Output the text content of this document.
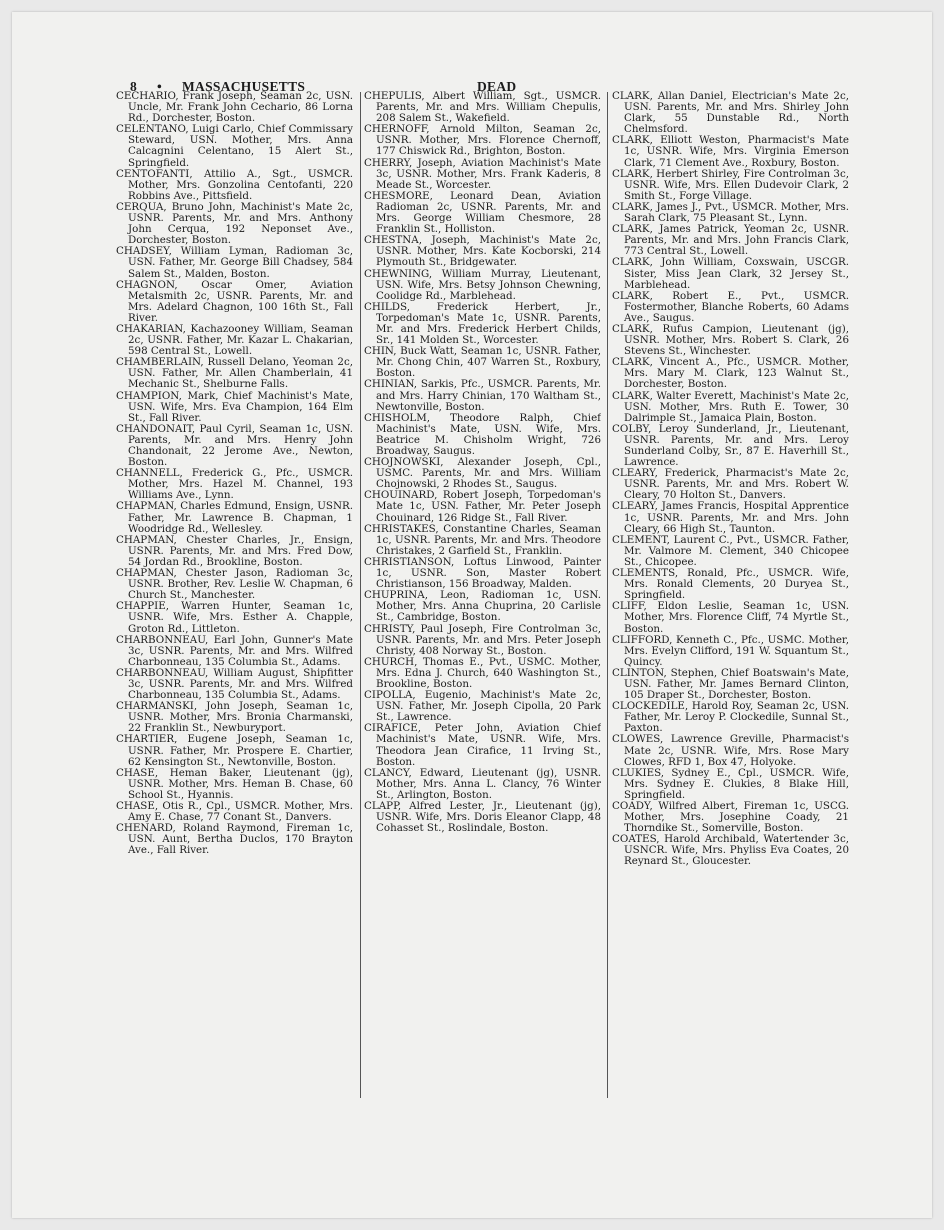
8 • MASSACHUSETTS	DEAD

CECHARIO, Frank Joseph, Seaman 2c, USN. Uncle, Mr. Frank John Cechario, 86 Lorna Rd., Dorchester, Boston.

CELENTANO, Luigi Carlo, Chief Commissary Steward, USN. Mother, Mrs. Anna Calcagnini Celentano, 15 Alert St., Springfield.

CENTOFANTI, Attilio A., Sgt., USMCR. Mother, Mrs. Gonzolina Centofanti, 220 Robbins Ave., Pittsfield.

CERQUA, Bruno John, Machinist's Mate 2c, USNR. Parents, Mr. and Mrs. Anthony John Cerqua, 192 Neponset Ave., Dorchester, Boston.

CHADSEY, William Lyman, Radioman 3c, USN. Father, Mr. George Bill Chadsey, 584 Salem St., Malden, Boston.

CHAGNON, Oscar Omer, Aviation Metalsmith 2c, USNR. Parents, Mr. and Mrs. Adelard Chagnon, 100 16th St., Fall River.

CHAKARIAN, Kachazooney William, Seaman 2c, USNR. Father, Mr. Kazar L. Chakarian, 598 Central St., Lowell.

CHAMBERLAIN, Russell Delano, Yeoman 2c, USN. Father, Mr. Allen Chamberlain, 41 Mechanic St., Shelburne Falls.

CHAMPION, Mark, Chief Machinist's Mate, USN. Wife, Mrs. Eva Champion, 164 Elm St., Fall River.

CHANDONAIT, Paul Cyril, Seaman 1c, USN. Parents, Mr. and Mrs. Henry John Chandonait, 22 Jerome Ave., Newton, Boston.

CHANNELL, Frederick G., Pfc., USMCR. Mother, Mrs. Hazel M. Channel, 193 Williams Ave., Lynn.

CHAPMAN, Charles Edmund, Ensign, USNR. Father, Mr. Lawrence B. Chapman, 1 Woodridge Rd., Wellesley.

CHAPMAN, Chester Charles, Jr., Ensign, USNR. Parents, Mr. and Mrs. Fred Dow, 54 Jordan Rd., Brookline, Boston.

CHAPMAN, Chester Jason, Radioman 3c, USNR. Brother, Rev. Leslie W. Chapman, 6 Church St., Manchester.

CHAPPIE, Warren Hunter, Seaman 1c, USNR. Wife, Mrs. Esther A. Chapple, Groton Rd., Littleton.

CHARBONNEAU, Earl John, Gunner's Mate 3c, USNR. Parents, Mr. and Mrs. Wilfred Charbonneau, 135 Columbia St., Adams.

CHARBONNEAU, William August, Shipfitter 3c, USNR. Parents, Mr. and Mrs. Wilfred Charbonneau, 135 Columbia St., Adams.

CHARMANSKI, John Joseph, Seaman 1c, USNR. Mother, Mrs. Bronia Charmanski, 22 Franklin St., Newburyport.

CHARTIER, Eugene Joseph, Seaman 1c, USNR. Father, Mr. Prospere E. Chartier, 62 Kensington St., Newtonville, Boston.

CHASE, Heman Baker, Lieutenant (jg), USNR. Mother, Mrs. Heman B. Chase, 60 School St., Hyannis.

CHASE, Otis R., Cpl., USMCR. Mother, Mrs. Amy E. Chase, 77 Conant St., Danvers.

CHENARD, Roland Raymond, Fireman 1c, USN. Aunt, Bertha Duclos, 170 Brayton Ave., Fall River.

CHEPULIS, Albert William, Sgt., USMCR. Parents, Mr. and Mrs. William Chepulis, 208 Salem St., Wakefield.

CHERNOFF, Arnold Milton, Seaman 2c, USNR. Mother, Mrs. Florence Chernoff, 177 Chiswick Rd., Brighton, Boston.

CHERRY, Joseph, Aviation Machinist's Mate 3c, USNR. Mother, Mrs. Frank Kaderis, 8 Meade St., Worcester.

CHESMORE, Leonard Dean, Aviation Radioman 2c, USNR. Parents, Mr. and Mrs. George William Chesmore, 28 Franklin St., Holliston.

CHESTNA, Joseph, Machinist's Mate 2c, USNR. Mother, Mrs. Kate Kocborski, 214 Plymouth St., Bridgewater.

CHEWNING, William Murray, Lieutenant, USN. Wife, Mrs. Betsy Johnson Chewning, Coolidge Rd., Marblehead.

CHILDS, Frederick Herbert, Jr., Torpedoman's Mate 1c, USNR. Parents, Mr. and Mrs. Frederick Herbert Childs, Sr., 141 Molden St., Worcester.

CHIN, Buck Watt, Seaman 1c, USNR. Father, Mr. Chong Chin, 407 Warren St., Roxbury, Boston.

CHINIAN, Sarkis, Pfc., USMCR. Parents, Mr. and Mrs. Harry Chinian, 170 Waltham St., Newtonville, Boston.

CHISHOLM, Theodore Ralph, Chief Machinist's Mate, USN. Wife, Mrs. Beatrice M. Chisholm Wright, 726 Broadway, Saugus.

CHOJNOWSKI, Alexander Joseph, Cpl., USMC. Parents, Mr. and Mrs. William Chojnowski, 2 Rhodes St., Saugus.

CHOUINARD, Robert Joseph, Torpedoman's Mate 1c, USN. Father, Mr. Peter Joseph Chouinard, 126 Ridge St., Fall River.

CHRISTAKES, Constantine Charles, Seaman 1c, USNR. Parents, Mr. and Mrs. Theodore Christakes, 2 Garfield St., Franklin.

CHRISTIANSON, Loftus Linwood, Painter 1c, USNR. Son, Master Robert Christianson, 156 Broadway, Malden.

CHUPRINA, Leon, Radioman 1c, USN. Mother, Mrs. Anna Chuprina, 20 Carlisle St., Cambridge, Boston.

CHRISTY, Paul Joseph, Fire Controlman 3c, USNR. Parents, Mr. and Mrs. Peter Joseph Christy, 408 Norway St., Boston.

CHURCH, Thomas E., Pvt., USMC. Mother, Mrs. Edna J. Church, 640 Washington St., Brookline, Boston.

CIPOLLA, Eugenio, Machinist's Mate 2c, USN. Father, Mr. Joseph Cipolla, 20 Park St., Lawrence.

CIRAFICE, Peter John, Aviation Chief Machinist's Mate, USNR. Wife, Mrs. Theodora Jean Cirafice, 11 Irving St., Boston.

CLANCY, Edward, Lieutenant (jg), USNR. Mother, Mrs. Anna L. Clancy, 76 Winter St., Arlington, Boston.

CLAPP, Alfred Lester, Jr., Lieutenant (jg), USNR. Wife, Mrs. Doris Eleanor Clapp, 48 Cohasset St., Roslindale, Boston.

CLARK, Allan Daniel, Electrician's Mate 2c, USN. Parents, Mr. and Mrs. Shirley John Clark, 55 Dunstable Rd., North Chelmsford.

CLARK, Elliott Weston, Pharmacist's Mate 1c, USNR. Wife, Mrs. Virginia Emerson Clark, 71 Clement Ave., Roxbury, Boston.

CLARK, Herbert Shirley, Fire Controlman 3c, USNR. Wife, Mrs. Ellen Dudevoir Clark, 2 Smith St., Forge Village.

CLARK, James J., Pvt., USMCR. Mother, Mrs. Sarah Clark, 75 Pleasant St., Lynn.

CLARK, James Patrick, Yeoman 2c, USNR. Parents, Mr. and Mrs. John Francis Clark, 773 Central St., Lowell.

CLARK, John William, Coxswain, USCGR. Sister, Miss Jean Clark, 32 Jersey St., Marblehead.

CLARK, Robert E., Pvt., USMCR. Fostermother, Blanche Roberts, 60 Adams Ave., Saugus.

CLARK, Rufus Campion, Lieutenant (jg), USNR. Mother, Mrs. Robert S. Clark, 26 Stevens St., Winchester.

CLARK, Vincent A., Pfc., USMCR. Mother, Mrs. Mary M. Clark, 123 Walnut St., Dorchester, Boston.

CLARK, Walter Everett, Machinist's Mate 2c, USN. Mother, Mrs. Ruth E. Tower, 30 Dalrimple St., Jamaica Plain, Boston.

COLBY, Leroy Sunderland, Jr., Lieutenant, USNR. Parents, Mr. and Mrs. Leroy Sunderland Colby, Sr., 87 E. Haverhill St., Lawrence.

CLEARY, Frederick, Pharmacist's Mate 2c, USNR. Parents, Mr. and Mrs. Robert W. Cleary, 70 Holton St., Danvers.

CLEARY, James Francis, Hospital Apprentice 1c, USNR. Parents, Mr. and Mrs. John Cleary, 66 High St., Taunton.

CLEMENT, Laurent C., Pvt., USMCR. Father, Mr. Valmore M. Clement, 340 Chicopee St., Chicopee.

CLEMENTS, Ronald, Pfc., USMCR. Wife, Mrs. Ronald Clements, 20 Duryea St., Springfield.

CLIFF, Eldon Leslie, Seaman 1c, USN. Mother, Mrs. Florence Cliff, 74 Myrtle St., Boston.

CLIFFORD, Kenneth C., Pfc., USMC. Mother, Mrs. Evelyn Clifford, 191 W. Squantum St., Quincy.

CLINTON, Stephen, Chief Boatswain's Mate, USN. Father, Mr. James Bernard Clinton, 105 Draper St., Dorchester, Boston.

CLOCKEDILE, Harold Roy, Seaman 2c, USN. Father, Mr. Leroy P. Clockedile, Sunnal St., Paxton.

CLOWES, Lawrence Greville, Pharmacist's Mate 2c, USNR. Wife, Mrs. Rose Mary Clowes, RFD 1, Box 47, Holyoke.

CLUKIES, Sydney E., Cpl., USMCR. Wife, Mrs. Sydney E. Clukies, 8 Blake Hill, Springfield.

COADY, Wilfred Albert, Fireman 1c, USCG. Mother, Mrs. Josephine Coady, 21 Thorndike St., Somerville, Boston.

COATES, Harold Archibald, Watertender 3c, USNCR. Wife, Mrs. Phyliss Eva Coates, 20 Reynard St., Gloucester.
